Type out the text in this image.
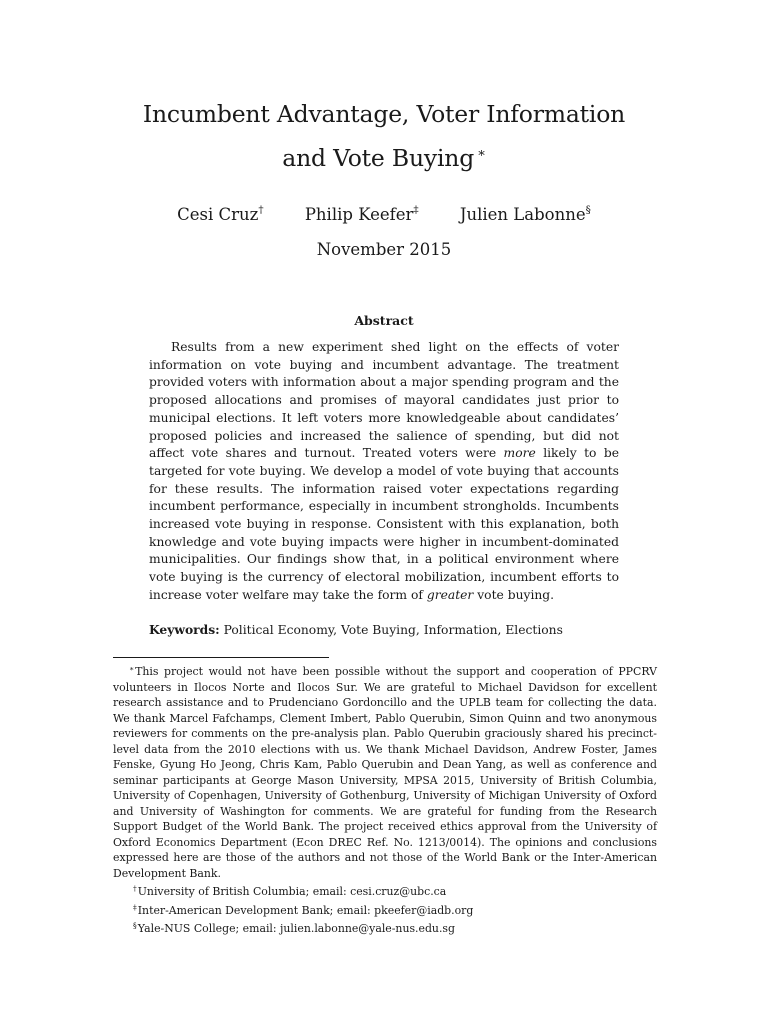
Incumbent Advantage, Voter Information
and Vote Buying ∗
Cesi Cruz†	Philip Keefer‡	Julien Labonne§
November 2015
Abstract

Results from a new experiment shed light on the effects of voter information on vote buying and incumbent advantage. The treatment provided voters with information about a major spending program and the proposed allocations and promises of mayoral candidates just prior to municipal elections. It left voters more knowledgeable about candidates’ proposed policies and increased the salience of spending, but did not affect vote shares and turnout. Treated voters were more likely to be targeted for vote buying. We develop a model of vote buying that accounts for these results. The information raised voter expectations regarding incumbent performance, especially in incumbent strongholds. Incumbents increased vote buying in response. Consistent with this explanation, both knowledge and vote buying impacts were higher in incumbent-dominated municipalities. Our findings show that, in a political environment where vote buying is the currency of electoral mobilization, incumbent efforts to increase voter welfare may take the form of greater vote buying.

Keywords: Political Economy, Vote Buying, Information, Elections

∗This project would not have been possible without the support and cooperation of PPCRV volunteers in Ilocos Norte and Ilocos Sur. We are grateful to Michael Davidson for excellent research assistance and to Prudenciano Gordoncillo and the UPLB team for collecting the data. We thank Marcel Fafchamps, Clement Imbert, Pablo Querubin, Simon Quinn and two anonymous reviewers for comments on the pre-analysis plan. Pablo Querubin graciously shared his precinct-level data from the 2010 elections with us. We thank Michael Davidson, Andrew Foster, James Fenske, Gyung Ho Jeong, Chris Kam, Pablo Querubin and Dean Yang, as well as conference and seminar participants at George Mason University, MPSA 2015, University of British Columbia, University of Copenhagen, University of Gothenburg, University of Michigan University of Oxford and University of Washington for comments. We are grateful for funding from the Research Support Budget of the World Bank. The project received ethics approval from the University of Oxford Economics Department (Econ DREC Ref. No. 1213/0014). The opinions and conclusions expressed here are those of the authors and not those of the World Bank or the Inter-American Development Bank.

†University of British Columbia; email: cesi.cruz@ubc.ca

‡Inter-American Development Bank; email: pkeefer@iadb.org

§Yale-NUS College; email: julien.labonne@yale-nus.edu.sg
